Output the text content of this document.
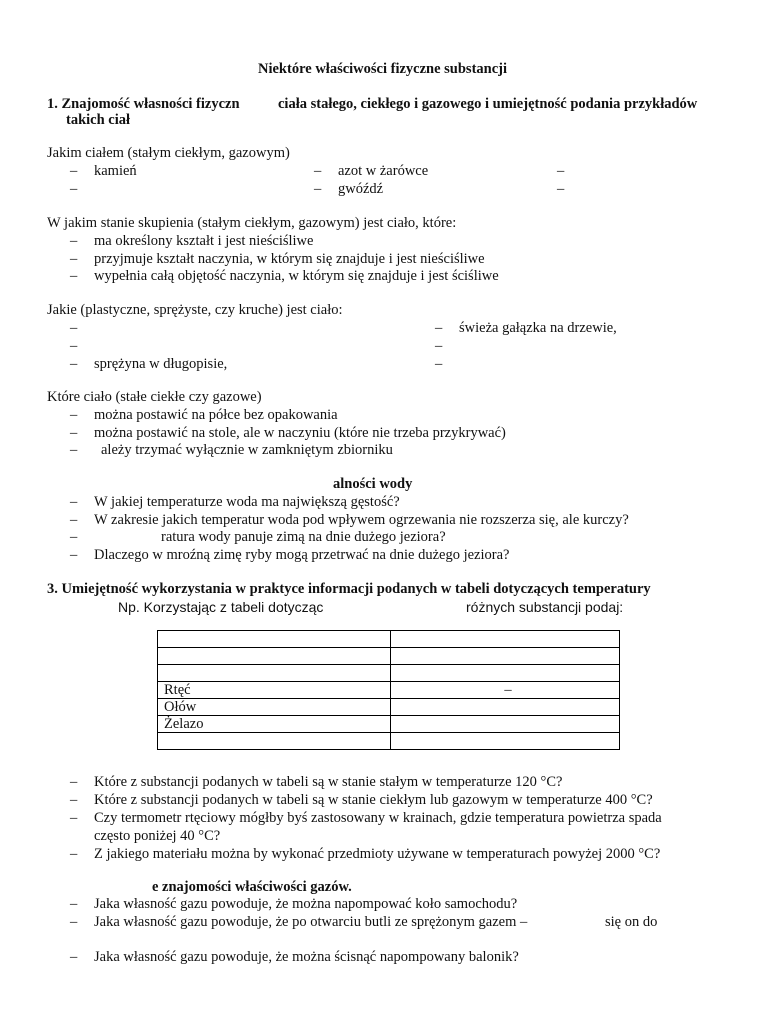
Niektóre właściwości fizyczne substancji
1. Znajomość własności fizyczn	ciała stałego, ciekłego i gazowego i umiejętność podania przykładów
takich ciał
Jakim ciałem (stałym ciekłym, gazowym)
– kamień
–
– azot w żarówce
– gwóźdź
–
–
W jakim stanie skupienia (stałym ciekłym, gazowym) jest ciało, które:
– ma określony kształt i jest nieściśliwe
– przyjmuje kształt naczynia, w którym się znajduje i jest nieściśliwe
– wypełnia całą objętość naczynia, w którym się znajduje i jest ściśliwe
Jakie (plastyczne, sprężyste, czy kruche) jest ciało:
–
–
– sprężyna w długopisie,
– świeża gałązka na drzewie,
–
–
Które ciało (stałe ciekłe czy gazowe)
– można postawić na półce bez opakowania
– można postawić na stole, ale w naczyniu (które nie trzeba przykrywać)
– ależy trzymać wyłącznie w zamkniętym zbiorniku
alności wody
– W jakiej temperaturze woda ma największą gęstość?
– W zakresie jakich temperatur woda pod wpływem ogrzewania nie rozszerza się, ale kurczy?
–	ratura wody panuje zimą na dnie dużego jeziora?
– Dlaczego w mroźną zimę ryby mogą przetrwać na dnie dużego jeziora?
3. Umiejętność wykorzystania w praktyce informacji podanych w tabeli dotyczących temperatury
Np. Korzystając z tabeli dotycząc	różnych substancji podaj:

Rtęć	–
Ołów	
Żelazo	

– Które z substancji podanych w tabeli są w stanie stałym w temperaturze 120 °C?
– Które z substancji podanych w tabeli są w stanie ciekłym lub gazowym w temperaturze 400 °C?
– Czy termometr rtęciowy mógłby byś zastosowany w krainach, gdzie temperatura powietrza spada
często poniżej 40 °C?
– Z jakiego materiału można by wykonać przedmioty używane w temperaturach powyżej 2000 °C?
e znajomości właściwości gazów.
– Jaka własność gazu powoduje, że można napompować koło samochodu?
– Jaka własność gazu powoduje, że po otwarciu butli ze sprężonym gazem –	się on do
– Jaka własność gazu powoduje, że można ścisnąć napompowany balonik?
